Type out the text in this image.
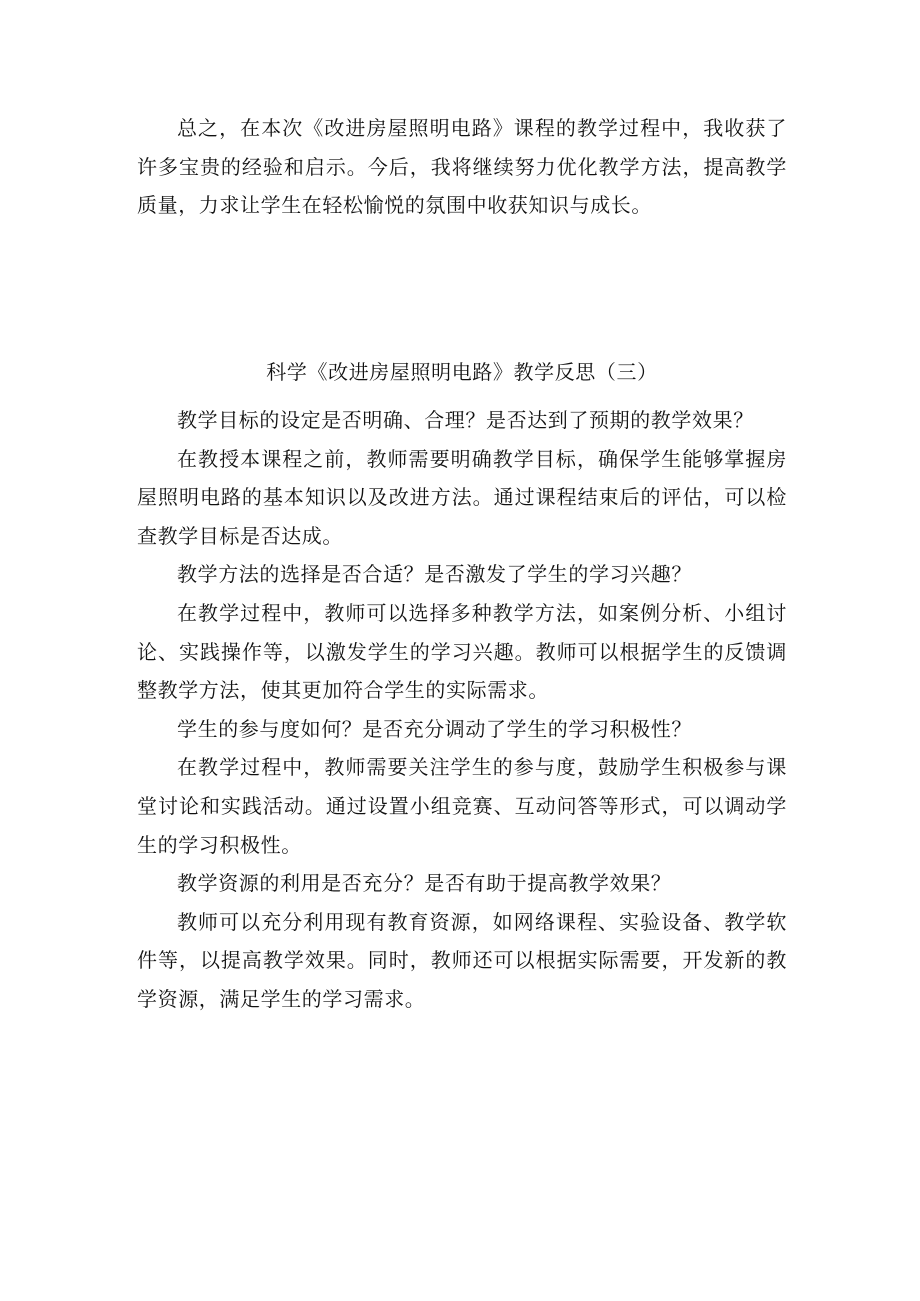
总之，在本次《改进房屋照明电路》课程的教学过程中，我收获了许多宝贵的经验和启示。今后，我将继续努力优化教学方法，提高教学质量，力求让学生在轻松愉悦的氛围中收获知识与成长。

科学《改进房屋照明电路》教学反思（三）

教学目标的设定是否明确、合理？是否达到了预期的教学效果？

在教授本课程之前，教师需要明确教学目标，确保学生能够掌握房屋照明电路的基本知识以及改进方法。通过课程结束后的评估，可以检查教学目标是否达成。

教学方法的选择是否合适？是否激发了学生的学习兴趣？

在教学过程中，教师可以选择多种教学方法，如案例分析、小组讨论、实践操作等，以激发学生的学习兴趣。教师可以根据学生的反馈调整教学方法，使其更加符合学生的实际需求。

学生的参与度如何？是否充分调动了学生的学习积极性？

在教学过程中，教师需要关注学生的参与度，鼓励学生积极参与课堂讨论和实践活动。通过设置小组竞赛、互动问答等形式，可以调动学生的学习积极性。

教学资源的利用是否充分？是否有助于提高教学效果？

教师可以充分利用现有教育资源，如网络课程、实验设备、教学软件等，以提高教学效果。同时，教师还可以根据实际需要，开发新的教学资源，满足学生的学习需求。
